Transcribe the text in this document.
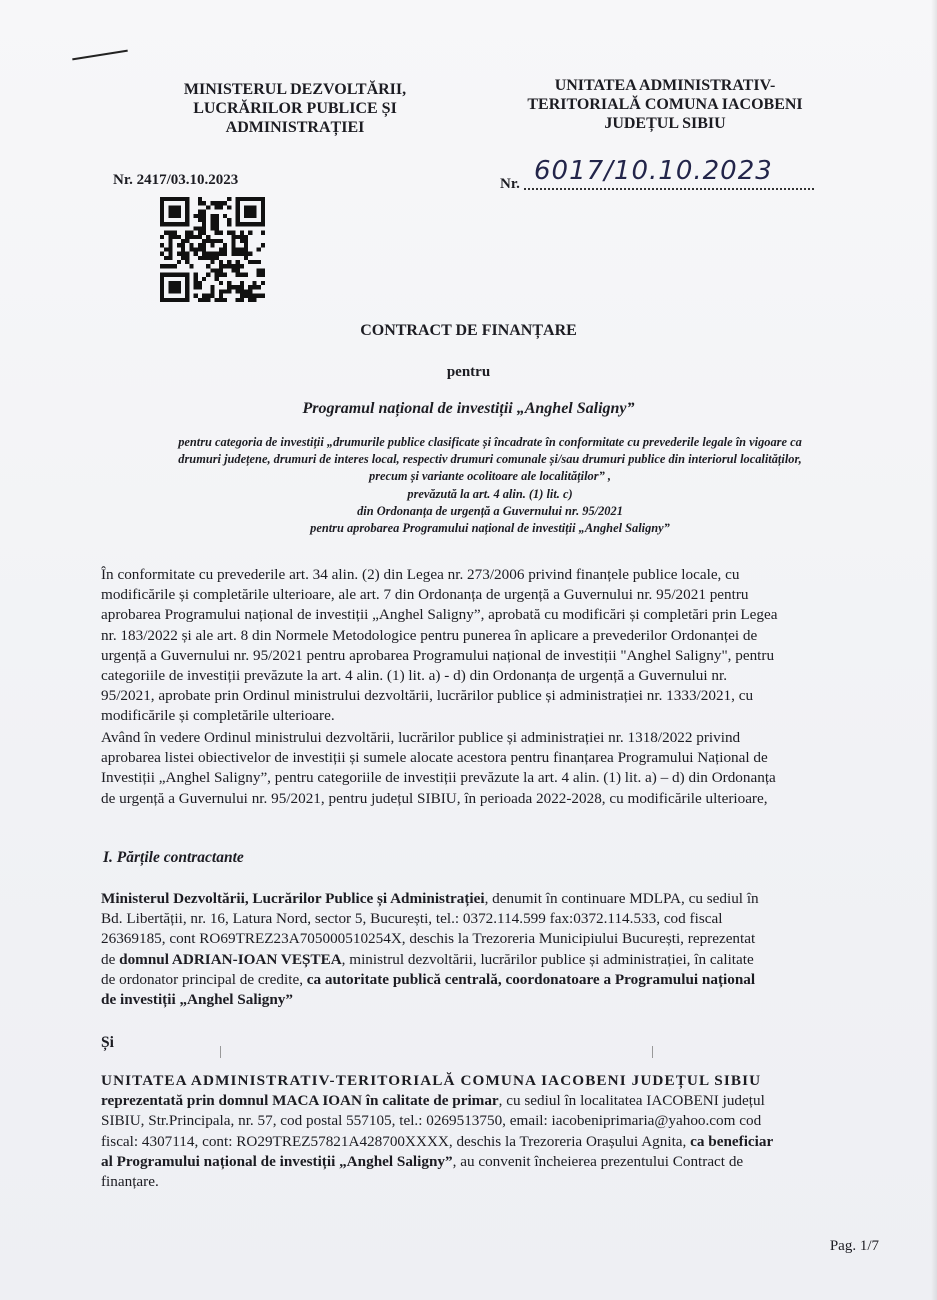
MINISTERUL DEZVOLTĂRII,
LUCRĂRILOR PUBLICE ȘI
ADMINISTRAȚIEI
UNITATEA ADMINISTRATIV-
TERITORIALĂ COMUNA IACOBENI
JUDEȚUL SIBIU
Nr. 2417/03.10.2023	Nr. 6017/10.10.2023
CONTRACT DE FINANȚARE
pentru
Programul național de investiții „Anghel Saligny”
pentru categoria de investiții „drumurile publice clasificate și încadrate în conformitate cu prevederile legale în vigoare ca
drumuri județene, drumuri de interes local, respectiv drumuri comunale și/sau drumuri publice din interiorul localităților,
precum și variante ocolitoare ale localităților” ,
prevăzută la art. 4 alin. (1) lit. c)
din Ordonanța de urgență a Guvernului nr. 95/2021
pentru aprobarea Programului național de investiții „Anghel Saligny”
În conformitate cu prevederile art. 34 alin. (2) din Legea nr. 273/2006 privind finanțele publice locale, cu
modificările și completările ulterioare, ale art. 7 din Ordonanța de urgență a Guvernului nr. 95/2021 pentru
aprobarea Programului național de investiții „Anghel Saligny”, aprobată cu modificări și completări prin Legea
nr. 183/2022 și ale art. 8 din Normele Metodologice pentru punerea în aplicare a prevederilor Ordonanței de
urgență a Guvernului nr. 95/2021 pentru aprobarea Programului național de investiții "Anghel Saligny", pentru
categoriile de investiții prevăzute la art. 4 alin. (1) lit. a) - d) din Ordonanța de urgență a Guvernului nr.
95/2021, aprobate prin Ordinul ministrului dezvoltării, lucrărilor publice și administrației nr. 1333/2021, cu
modificările și completările ulterioare.
Având în vedere Ordinul ministrului dezvoltării, lucrărilor publice și administrației nr. 1318/2022 privind
aprobarea listei obiectivelor de investiții și sumele alocate acestora pentru finanțarea Programului Național de
Investiții „Anghel Saligny”, pentru categoriile de investiții prevăzute la art. 4 alin. (1) lit. a) – d) din Ordonanța
de urgență a Guvernului nr. 95/2021, pentru județul SIBIU, în perioada 2022-2028, cu modificările ulterioare,
I. Părțile contractante
Ministerul Dezvoltării, Lucrărilor Publice și Administrației, denumit în continuare MDLPA, cu sediul în
Bd. Libertății, nr. 16, Latura Nord, sector 5, București, tel.: 0372.114.599 fax:0372.114.533, cod fiscal
26369185, cont RO69TREZ23A705000510254X, deschis la Trezoreria Municipiului București, reprezentat
de domnul ADRIAN-IOAN VEȘTEA, ministrul dezvoltării, lucrărilor publice și administrației, în calitate
de ordonator principal de credite, ca autoritate publică centrală, coordonatoare a Programului național
de investiții „Anghel Saligny”
Și
UNITATEA ADMINISTRATIV-TERITORIALĂ COMUNA IACOBENI JUDEȚUL SIBIU
reprezentată prin domnul MACA IOAN în calitate de primar, cu sediul în localitatea IACOBENI județul
SIBIU, Str.Principala, nr. 57, cod postal 557105, tel.: 0269513750, email: iacobeniprimaria@yahoo.com cod
fiscal: 4307114, cont: RO29TREZ57821A428700XXXX, deschis la Trezoreria Orașului Agnita, ca beneficiar
al Programului național de investiții „Anghel Saligny”, au convenit încheierea prezentului Contract de
finanțare.
Pag. 1/7
